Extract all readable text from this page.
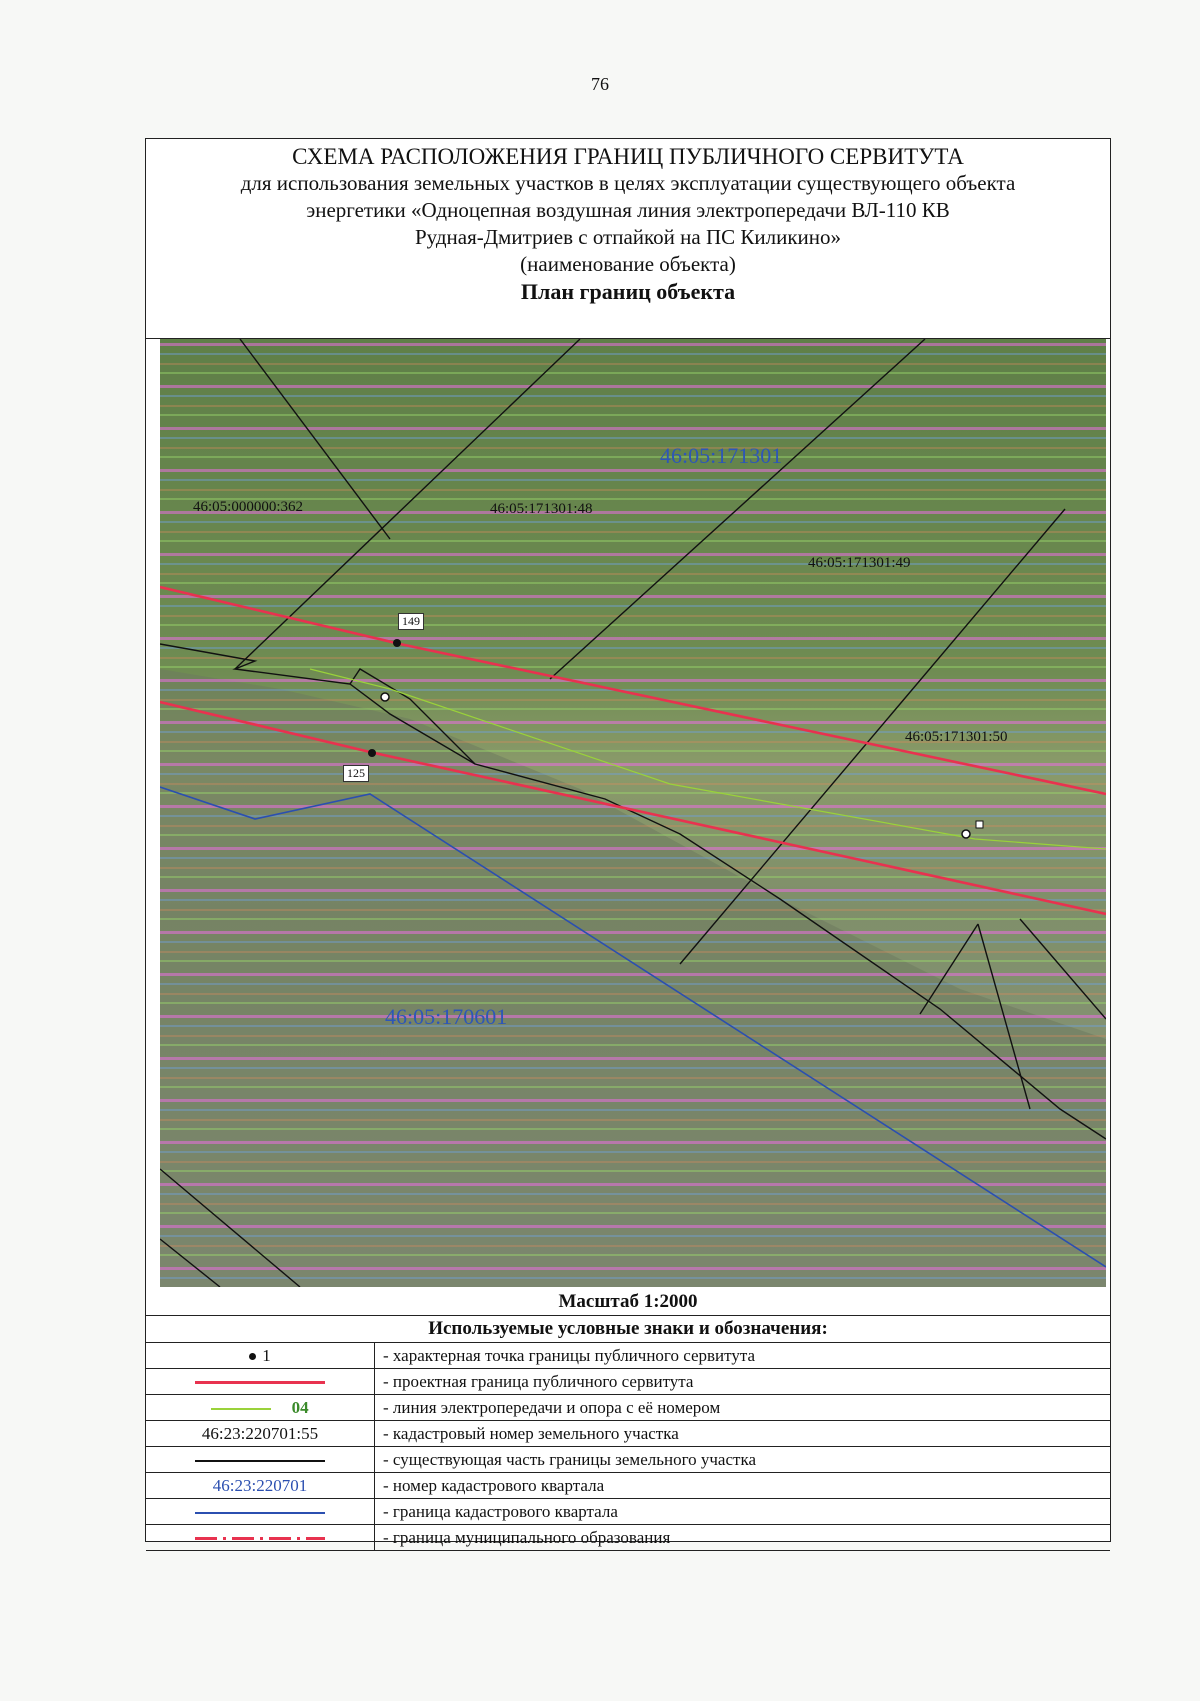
76
СХЕМА РАСПОЛОЖЕНИЯ ГРАНИЦ ПУБЛИЧНОГО СЕРВИТУТА
для использования земельных участков в целях эксплуатации существующего объекта
энергетики «Одноцепная воздушная линия электропередачи ВЛ-110 КВ
Рудная-Дмитриев с отпайкой на ПС Киликино»
(наименование объекта)
План границ объекта
46:05:000000:362	46:05:171301:48
46:05:171301:49
46:05:171301:50
46:05:171301
46:05:170601
149
125
Масштаб 1:2000
Используемые условные знаки и обозначения:
1	- характерная точка границы публичного сервитута
	- проектная граница публичного сервитута
04	- линия электропередачи и опора с её номером
46:23:220701:55	- кадастровый номер земельного участка
	- существующая часть границы земельного участка
46:23:220701	- номер кадастрового квартала
	- граница кадастрового квартала
	- граница муниципального образования
